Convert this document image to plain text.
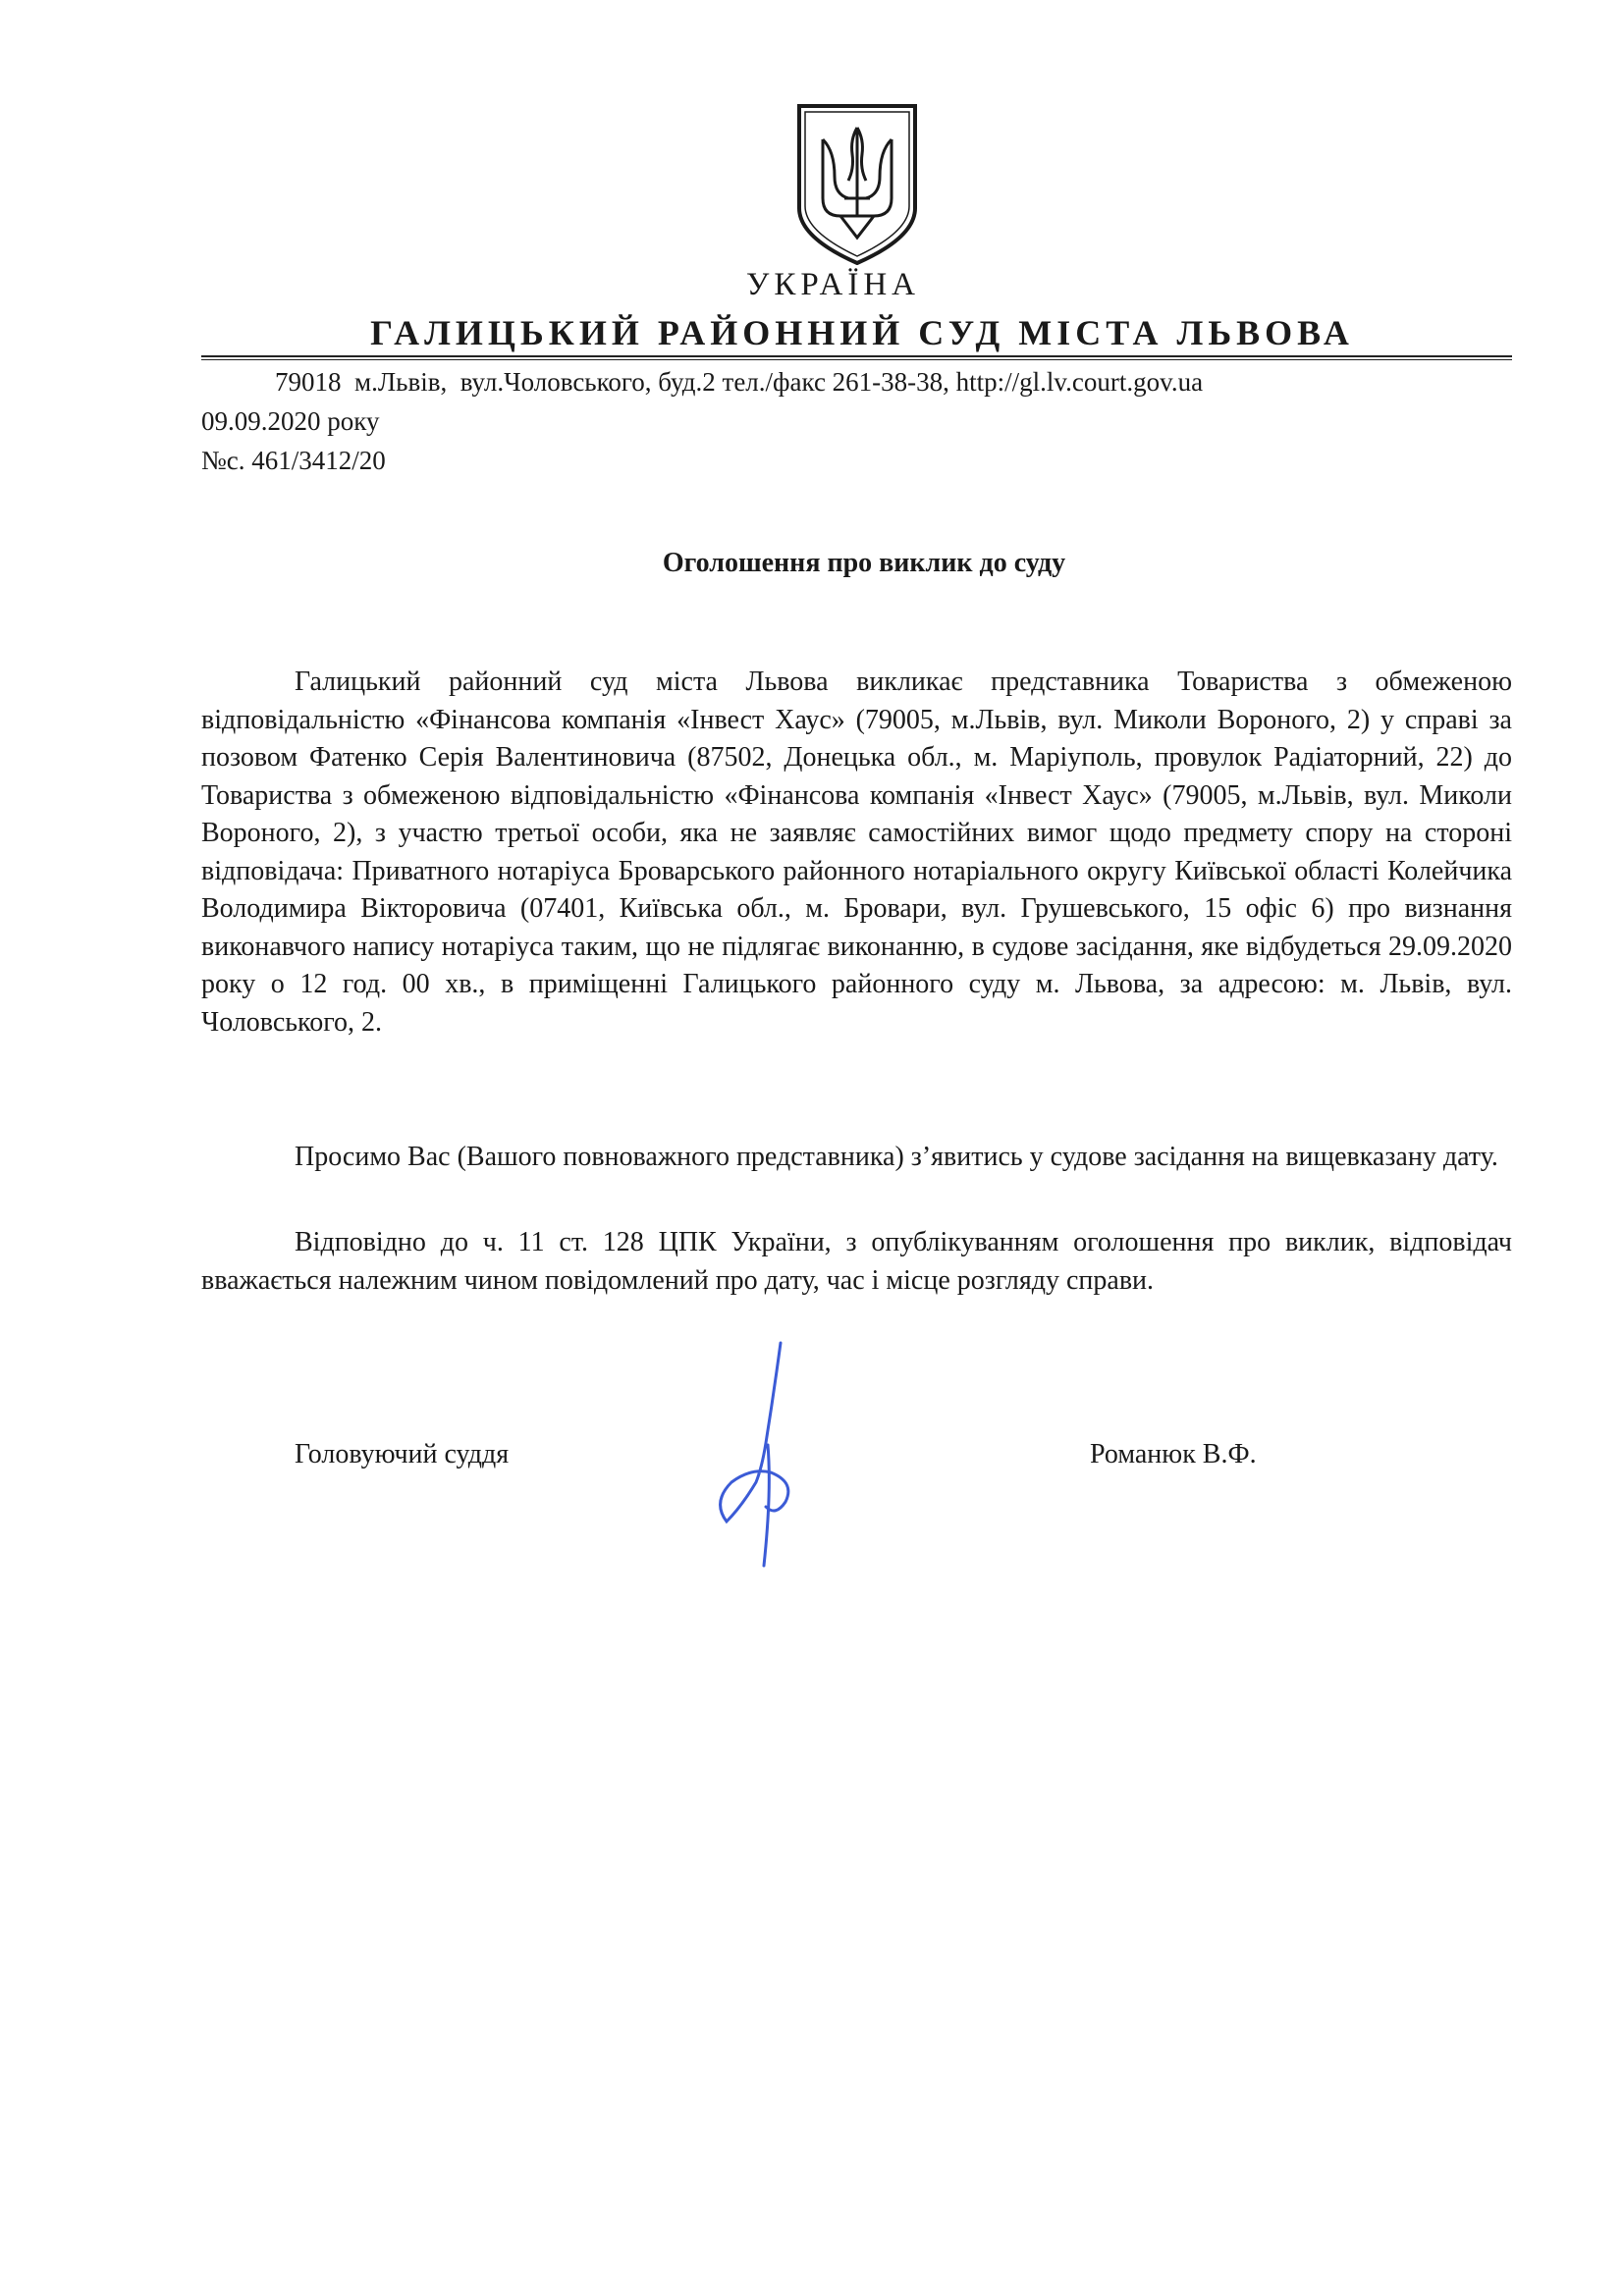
УКРАЇНА
ГАЛИЦЬКИЙ РАЙОННИЙ СУД МІСТА ЛЬВОВА
79018  м.Львів,  вул.Чоловського, буд.2 тел./факс 261-38-38, http://gl.lv.court.gov.ua
09.09.2020 року
№с. 461/3412/20
Оголошення про виклик до суду
Галицький районний суд міста Львова викликає представника Товариства з обмеженою відповідальністю «Фінансова компанія «Інвест Хаус» (79005, м.Львів, вул. Миколи Вороного, 2) у справі за позовом Фатенко Серія Валентиновича (87502, Донецька обл., м. Маріуполь, провулок Радіаторний, 22) до Товариства з обмеженою відповідальністю «Фінансова компанія «Інвест Хаус» (79005, м.Львів, вул. Миколи Вороного, 2), з участю третьої особи, яка не заявляє самостійних вимог щодо предмету спору на стороні відповідача: Приватного нотаріуса Броварського районного нотаріального округу Київської області Колейчика Володимира Вікторовича (07401, Київська обл., м. Бровари, вул. Грушевського, 15 офіс 6) про визнання виконавчого напису нотаріуса таким, що не підлягає виконанню, в судове засідання, яке відбудеться 29.09.2020 року о 12 год. 00 хв., в приміщенні Галицького районного суду м. Львова, за адресою: м. Львів, вул. Чоловського, 2.
Просимо Вас (Вашого повноважного представника) з’явитись у судове засідання на вищевказану дату.
Відповідно до ч. 11 ст. 128 ЦПК України, з опублікуванням оголошення про виклик, відповідач вважається належним чином повідомлений про дату, час і місце розгляду справи.
Головуючий суддя	Романюк В.Ф.
